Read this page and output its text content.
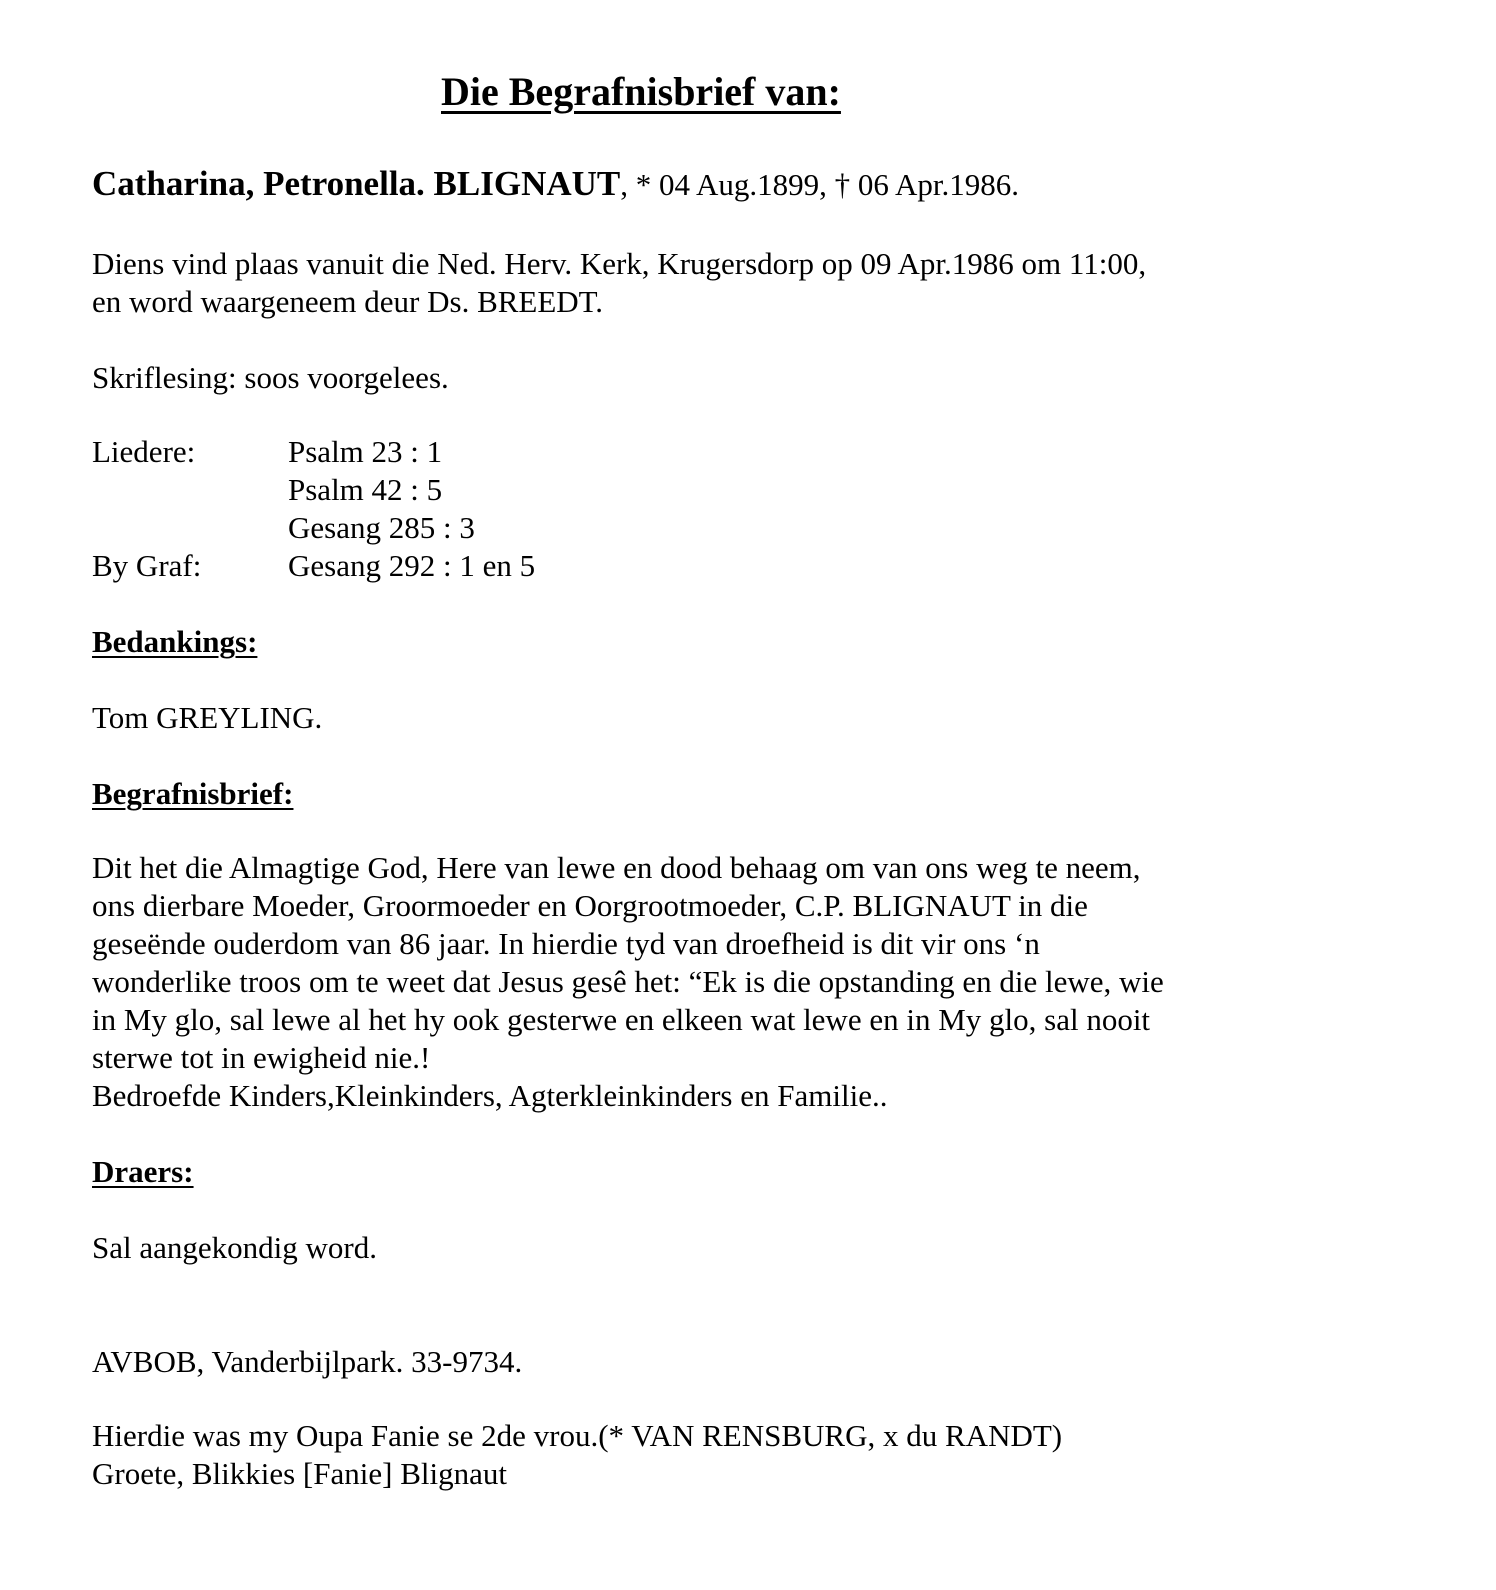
Die Begrafnisbrief van:
Catharina, Petronella. BLIGNAUT, * 04 Aug.1899, † 06 Apr.1986.
Diens vind plaas vanuit die Ned. Herv. Kerk, Krugersdorp op 09 Apr.1986 om 11:00,
en word waargeneem deur Ds. BREEDT.
Skriflesing: soos voorgelees.
Liedere:	Psalm 23 : 1
Psalm 42 : 5
Gesang 285 : 3
By Graf:	Gesang 292 : 1 en 5
Bedankings:
Tom GREYLING.
Begrafnisbrief:
Dit het die Almagtige God, Here van lewe en dood behaag om van ons weg te neem,
ons dierbare Moeder, Groormoeder en Oorgrootmoeder, C.P. BLIGNAUT in die
geseënde ouderdom van 86 jaar. In hierdie tyd van droefheid is dit vir ons ‘n
wonderlike troos om te weet dat Jesus gesê het: “Ek is die opstanding en die lewe, wie
in My glo, sal lewe al het hy ook gesterwe en elkeen wat lewe en in My glo, sal nooit
sterwe tot in ewigheid nie.!
Bedroefde Kinders,Kleinkinders, Agterkleinkinders en Familie..
Draers:
Sal aangekondig word.
AVBOB, Vanderbijlpark. 33-9734.
Hierdie was my Oupa Fanie se 2de vrou.(* VAN RENSBURG, x du RANDT)
Groete, Blikkies [Fanie] Blignaut
